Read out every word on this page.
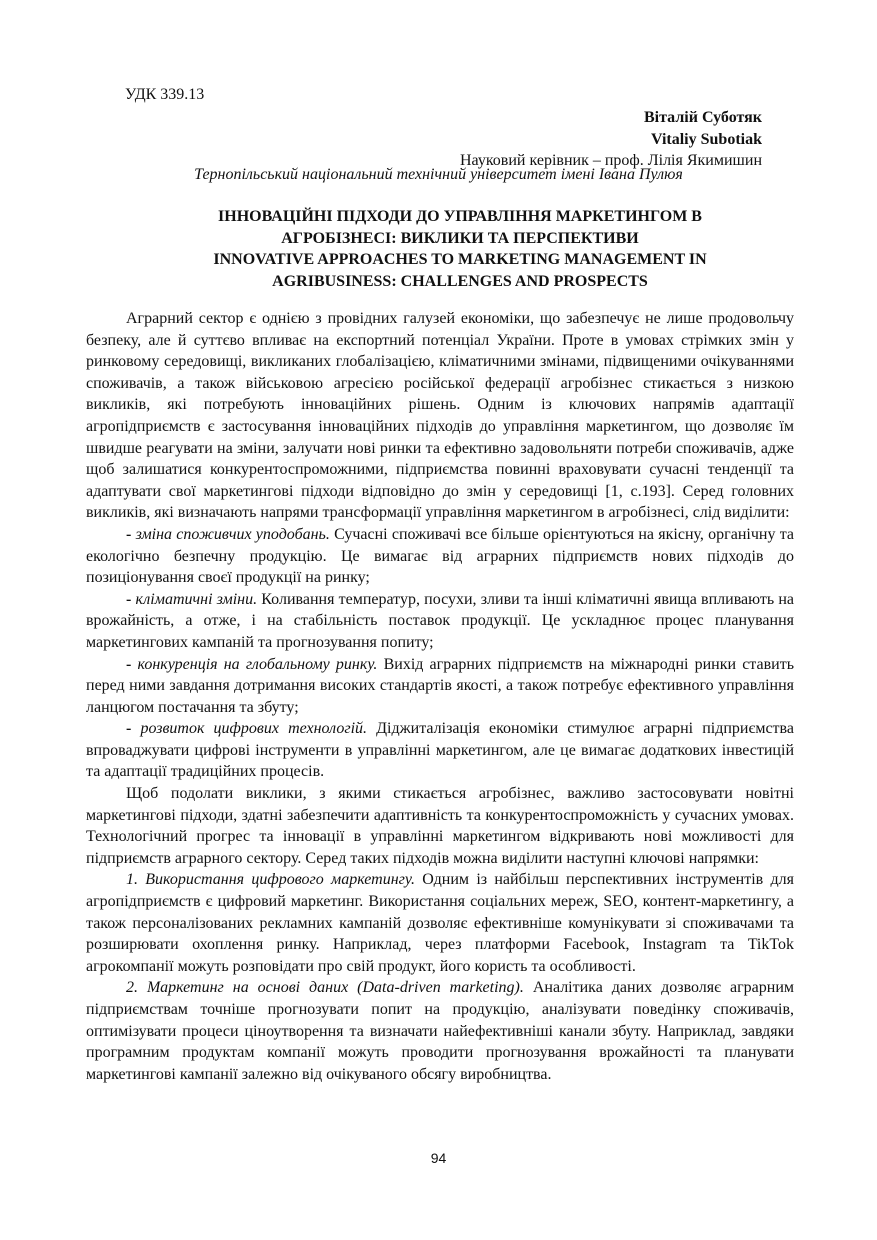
УДК 339.13
Віталій Суботяк
Vitaliy Subotiak
Науковий керівник – проф. Лілія Якимишин
Тернопільський національний технічний університет імені Івана Пулюя
ІННОВАЦІЙНІ ПІДХОДИ ДО УПРАВЛІННЯ МАРКЕТИНГОМ В
АГРОБІЗНЕСІ: ВИКЛИКИ ТА ПЕРСПЕКТИВИ
INNOVATIVE APPROACHES TO MARKETING MANAGEMENT IN
AGRIBUSINESS: CHALLENGES AND PROSPECTS

Аграрний сектор є однією з провідних галузей економіки, що забезпечує не лише продовольчу безпеку, але й суттєво впливає на експортний потенціал України. Проте в умовах стрімких змін у ринковому середовищі, викликаних глобалізацією, кліматичними змінами, підвищеними очікуваннями споживачів, а також військовою агресією російської федерації агробізнес стикається з низкою викликів, які потребують інноваційних рішень. Одним із ключових напрямів адаптації агропідприємств є застосування інноваційних підходів до управління маркетингом, що дозволяє їм швидше реагувати на зміни, залучати нові ринки та ефективно задовольняти потреби споживачів, адже щоб залишатися конкурентоспроможними, підприємства повинні враховувати сучасні тенденції та адаптувати свої маркетингові підходи відповідно до змін у середовищі [1, с.193]. Серед головних викликів, які визначають напрями трансформації управління маркетингом в агробізнесі, слід виділити:

- зміна споживчих уподобань. Сучасні споживачі все більше орієнтуються на якісну, органічну та екологічно безпечну продукцію. Це вимагає від аграрних підприємств нових підходів до позиціонування своєї продукції на ринку;

- кліматичні зміни. Коливання температур, посухи, зливи та інші кліматичні явища впливають на врожайність, а отже, і на стабільність поставок продукції. Це ускладнює процес планування маркетингових кампаній та прогнозування попиту;

- конкуренція на глобальному ринку. Вихід аграрних підприємств на міжнародні ринки ставить перед ними завдання дотримання високих стандартів якості, а також потребує ефективного управління ланцюгом постачання та збуту;

- розвиток цифрових технологій. Діджиталізація економіки стимулює аграрні підприємства впроваджувати цифрові інструменти в управлінні маркетингом, але це вимагає додаткових інвестицій та адаптації традиційних процесів.

Щоб подолати виклики, з якими стикається агробізнес, важливо застосовувати новітні маркетингові підходи, здатні забезпечити адаптивність та конкурентоспроможність у сучасних умовах. Технологічний прогрес та інновації в управлінні маркетингом відкривають нові можливості для підприємств аграрного сектору. Серед таких підходів можна виділити наступні ключові напрямки:

1. Використання цифрового маркетингу. Одним із найбільш перспективних інструментів для агропідприємств є цифровий маркетинг. Використання соціальних мереж, SEO, контент-маркетингу, а також персоналізованих рекламних кампаній дозволяє ефективніше комунікувати зі споживачами та розширювати охоплення ринку. Наприклад, через платформи Facebook, Instagram та TikTok агрокомпанії можуть розповідати про свій продукт, його користь та особливості.

2. Маркетинг на основі даних (Data-driven marketing). Аналітика даних дозволяє аграрним підприємствам точніше прогнозувати попит на продукцію, аналізувати поведінку споживачів, оптимізувати процеси ціноутворення та визначати найефективніші канали збуту. Наприклад, завдяки програмним продуктам компанії можуть проводити прогнозування врожайності та планувати маркетингові кампанії залежно від очікуваного обсягу виробництва.

94
